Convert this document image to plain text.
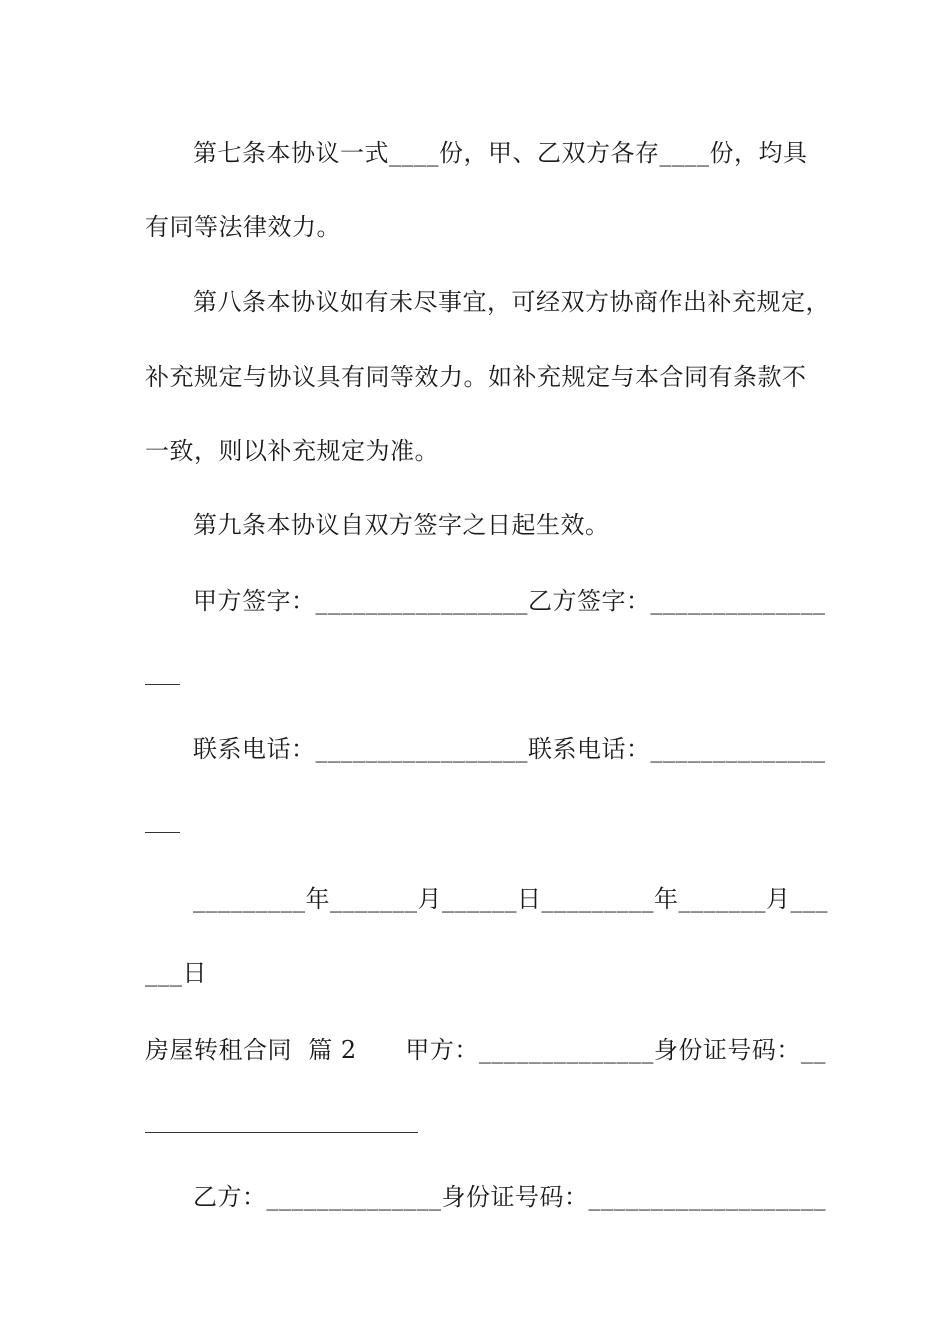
第七条本协议一式____份，甲、乙双方各存____份，均具
有同等法律效力。
第八条本协议如有未尽事宜，可经双方协商作出补充规定，
补充规定与协议具有同等效力。如补充规定与本合同有条款不
一致，则以补充规定为准。
第九条本协议自双方签字之日起生效。
甲方签字：_________________乙方签字：______________
联系电话：_________________联系电话：______________
_________年_______月______日_________年_______月___
___日
房屋转租合同  篇 2      甲方：______________身份证号码：__
乙方：______________身份证号码：___________________
